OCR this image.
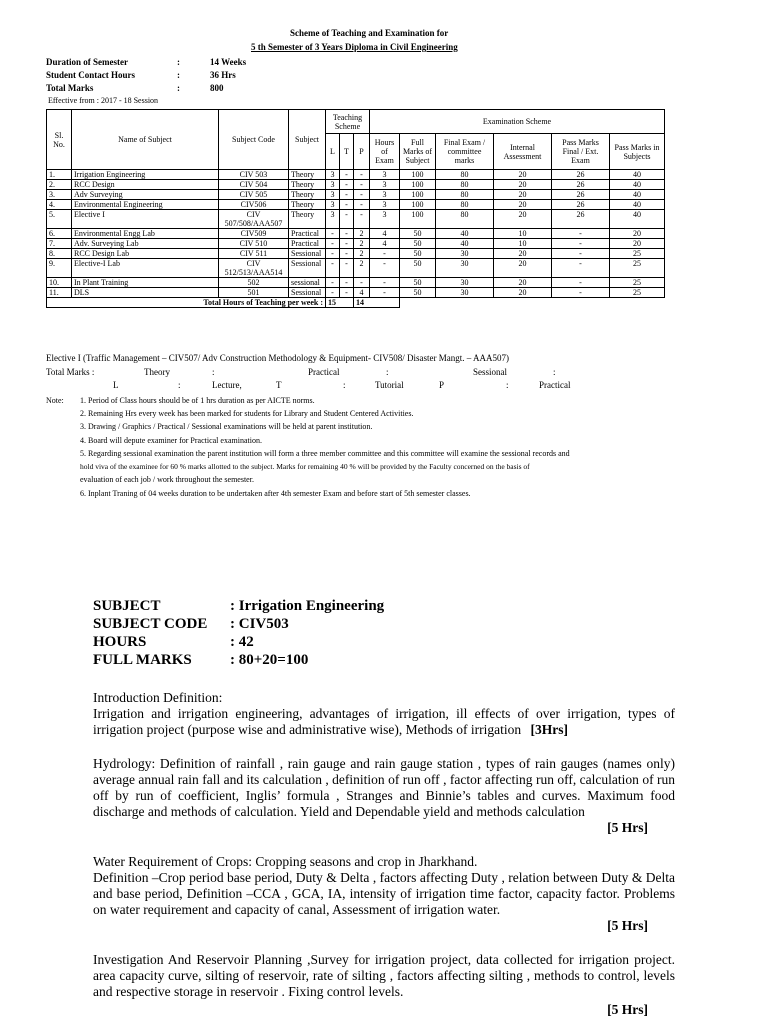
Scheme of Teaching and Examination for
5 th Semester of 3 Years Diploma in Civil Engineering
Duration of Semester	:	14 Weeks
Student Contact Hours	:	36 Hrs
Total Marks	:	800
Effective from : 2017 - 18 Session
Sl. No.	Name of Subject	Subject Code	Subject	Teaching Scheme			Examination Scheme					
				L	T	P	Hours of Exam	Full Marks of Subject	Final Exam / committee marks	Internal Assessment	Pass Marks Final / Ext. Exam	Pass Marks in Subjects
1.	Irrigation Engineering	CIV 503	Theory	3	-	-	3	100	80	20	26	40
2.	RCC Design	CIV 504	Theory	3	-	-	3	100	80	20	26	40
3.	Adv Surveying	CIV 505	Theory	3	-	-	3	100	80	20	26	40
4.	Environmental Engineering	CIV506	Theory	3	-	-	3	100	80	20	26	40
5.	Elective I	CIV 507/508/AAA507	Theory	3	-	-	3	100	80	20	26	40
6.	Environmental Engg Lab	CIV509	Practical	-	-	2	4	50	40	10	-	20
7.	Adv. Surveying Lab	CIV 510	Practical	-	-	2	4	50	40	10	-	20
8.	RCC Design Lab	CIV 511	Sessional	-	-	2	-	50	30	20	-	25
9.	Elective-I Lab	CIV 512/513/AAA514	Sessional	-	-	2	-	50	30	20	-	25
10.	In Plant Training	502	sessional	-	-	-	-	50	30	20	-	25
11.	DLS	501	Sessional	-	-	4	-	50	30	20	-	25
Total Hours of Teaching per week :				15		14						
Elective I (Traffic Management – CIV507/ Adv Construction Methodology & Equipment- CIV508/ Disaster Mangt. – AAA507)
Total Marks :	Theory	:	Practical	:	Sessional	:
L	:	Lecture,	T	:	Tutorial	P	:	Practical
Note: 1. Period of Class hours should be of 1 hrs duration as per AICTE norms.
2. Remaining Hrs every week has been marked for students for Library and Student Centered Activities.
3. Drawing / Graphics / Practical / Sessional examinations will be held at parent institution.
4. Board will depute examiner for Practical examination.
5. Regarding sessional examination the parent institution will form a three member committee and this committee will examine the sessional records and
hold viva of the examinee for 60 % marks allotted to the subject. Marks for remaining 40 % will be provided by the Faculty concerned on the basis of
evaluation of each job / work throughout the semester.
6. Inplant Traning of 04 weeks duration to be undertaken after 4th semester Exam and before start of 5th semester classes.
SUBJECT	: Irrigation Engineering
SUBJECT CODE : CIV503
HOURS	: 42
FULL MARKS	: 80+20=100
Introduction Definition:
Irrigation and irrigation engineering, advantages of irrigation, ill effects of over irrigation, types of irrigation project (purpose wise and administrative wise), Methods of irrigation [3Hrs]
Hydrology: Definition of rainfall , rain gauge and rain gauge station , types of rain gauges (names only) average annual rain fall and its calculation , definition of run off , factor affecting run off, calculation of run off by run of coefficient, Inglis’ formula , Stranges and Binnie’s tables and curves. Maximum food discharge and methods of calculation. Yield and Dependable yield and methods calculation
[5 Hrs]
Water Requirement of Crops: Cropping seasons and crop in Jharkhand.
Definition –Crop period base period, Duty & Delta , factors affecting Duty , relation between Duty & Delta and base period, Definition –CCA , GCA, IA, intensity of irrigation time factor, capacity factor. Problems on water requirement and capacity of canal, Assessment of irrigation water.
[5 Hrs]
Investigation And Reservoir Planning ,Survey for irrigation project, data collected for irrigation project. area capacity curve, silting of reservoir, rate of silting , factors affecting silting , methods to control, levels and respective storage in reservoir . Fixing control levels.
[5 Hrs]
